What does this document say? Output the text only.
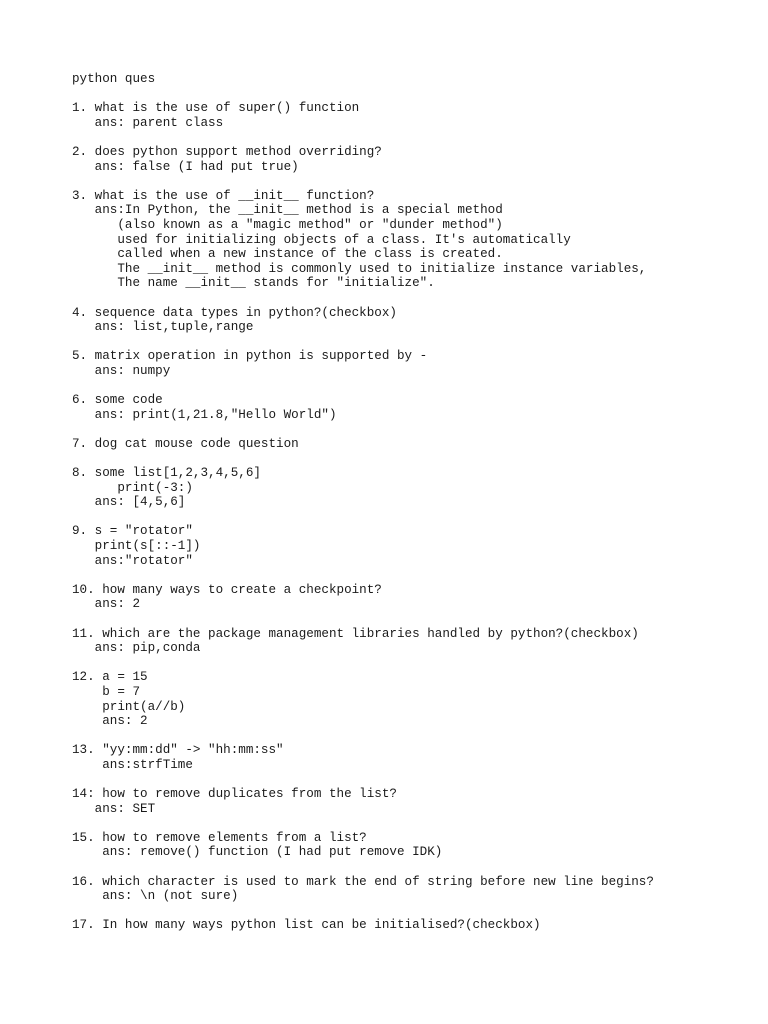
python ques
1. what is the use of super() function
ans: parent class
2. does python support method overriding?
ans: false (I had put true)
3. what is the use of __init__ function?
ans:In Python, the __init__ method is a special method
(also known as a "magic method" or "dunder method")
used for initializing objects of a class. It's automatically
called when a new instance of the class is created.
The __init__ method is commonly used to initialize instance variables,
The name __init__ stands for "initialize".
4. sequence data types in python?(checkbox)
ans: list,tuple,range
5. matrix operation in python is supported by -
ans: numpy
6. some code
ans: print(1,21.8,"Hello World")
7. dog cat mouse code question
8. some list[1,2,3,4,5,6]
print(-3:)
ans: [4,5,6]
9. s = "rotator"
print(s[::-1])
ans:"rotator"
10. how many ways to create a checkpoint?
ans: 2
11. which are the package management libraries handled by python?(checkbox)
ans: pip,conda
12. a = 15
b = 7
print(a//b)
ans: 2
13. "yy:mm:dd" -> "hh:mm:ss"
ans:strfTime
14: how to remove duplicates from the list?
ans: SET
15. how to remove elements from a list?
ans: remove() function (I had put remove IDK)
16. which character is used to mark the end of string before new line begins?
ans: \n (not sure)
17. In how many ways python list can be initialised?(checkbox)
